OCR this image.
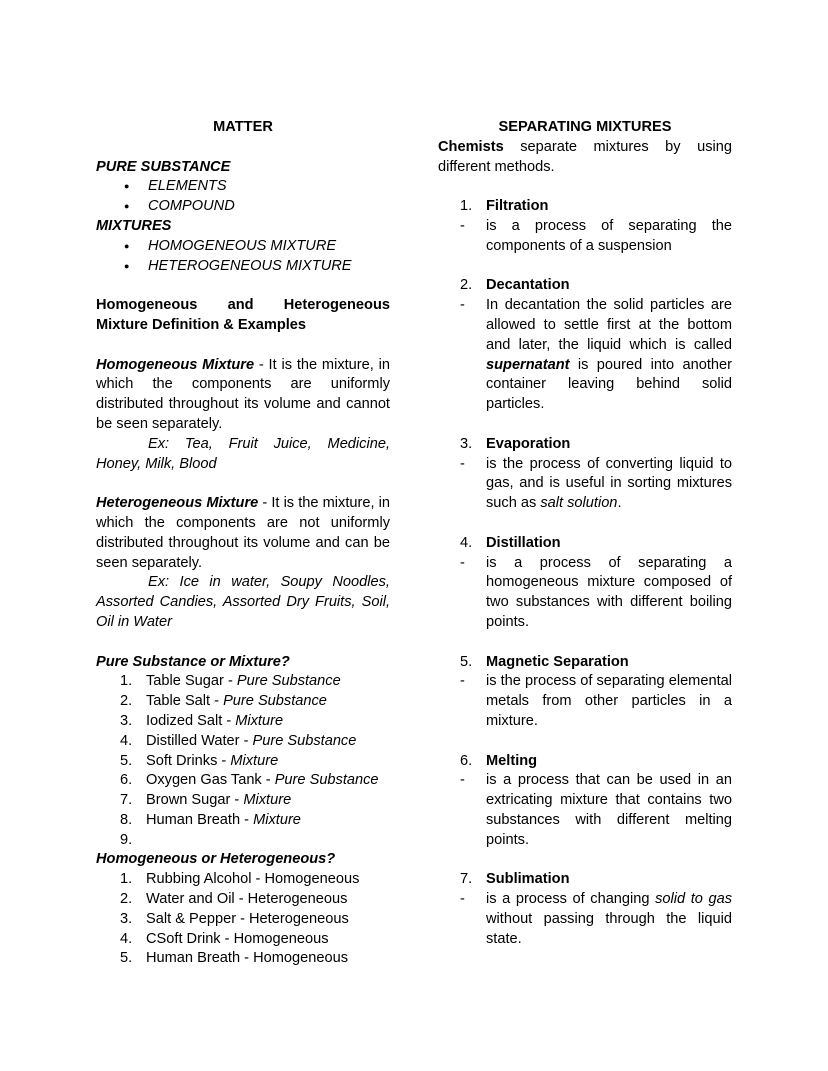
MATTER

PURE SUBSTANCE

● ELEMENTS
● COMPOUND

MIXTURES

● HOMOGENEOUS MIXTURE
● HETEROGENEOUS MIXTURE

Homogeneous and Heterogeneous Mixture Definition & Examples

Homogeneous Mixture - It is the mixture, in which the components are uniformly distributed throughout its volume and cannot be seen separately.

Ex: Tea, Fruit Juice, Medicine, Honey, Milk, Blood

Heterogeneous Mixture - It is the mixture, in which the components are not uniformly distributed throughout its volume and can be seen separately.

Ex: Ice in water, Soupy Noodles, Assorted Candies, Assorted Dry Fruits, Soil, Oil in Water

Pure Substance or Mixture?

1. Table Sugar - Pure Substance
2. Table Salt - Pure Substance
3. Iodized Salt - Mixture
4. Distilled Water - Pure Substance
5. Soft Drinks - Mixture
6. Oxygen Gas Tank - Pure Substance
7. Brown Sugar - Mixture
8. Human Breath - Mixture
9.

Homogeneous or Heterogeneous?

1. Rubbing Alcohol - Homogeneous
2. Water and Oil - Heterogeneous
3. Salt & Pepper - Heterogeneous
4. CSoft Drink - Homogeneous
5. Human Breath - Homogeneous
SEPARATING MIXTURES

Chemists separate mixtures by using different methods.

1. Filtration
-	is a process of separating the components of a suspension
2. Decantation
-	In decantation the solid particles are allowed to settle first at the bottom and later, the liquid which is called supernatant is poured into another container leaving behind solid particles.
3. Evaporation
-	is the process of converting liquid to gas, and is useful in sorting mixtures such as salt solution.
4. Distillation
-	is a process of separating a homogeneous mixture composed of two substances with different boiling points.
5. Magnetic Separation
-	is the process of separating elemental metals from other particles in a mixture.
6. Melting
-	is a process that can be used in an extricating mixture that contains two substances with different melting points.
7. Sublimation
-	is a process of changing solid to gas without passing through the liquid state.
